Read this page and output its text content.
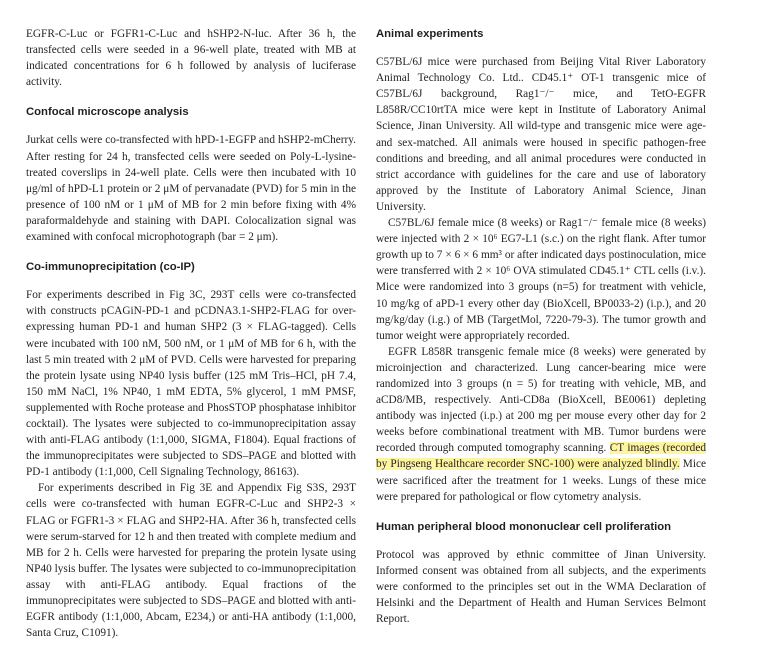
EGFR-C-Luc or FGFR1-C-Luc and hSHP2-N-luc. After 36 h, the transfected cells were seeded in a 96-well plate, treated with MB at indicated concentrations for 6 h followed by analysis of luciferase activity.

Confocal microscope analysis

Jurkat cells were co-transfected with hPD-1-EGFP and hSHP2-mCherry. After resting for 24 h, transfected cells were seeded on Poly-L-lysine-treated coverslips in 24-well plate. Cells were then incubated with 10 μg/ml of hPD-L1 protein or 2 μM of pervanadate (PVD) for 5 min in the presence of 100 nM or 1 μM of MB for 2 min before fixing with 4% paraformaldehyde and staining with DAPI. Colocalization signal was examined with confocal microphotograph (bar = 2 μm).

Co-immunoprecipitation (co-IP)

For experiments described in Fig 3C, 293T cells were co-transfected with constructs pCAGiN-PD-1 and pCDNA3.1-SHP2-FLAG for over-expressing human PD-1 and human SHP2 (3 × FLAG-tagged). Cells were incubated with 100 nM, 500 nM, or 1 μM of MB for 6 h, with the last 5 min treated with 2 μM of PVD. Cells were harvested for preparing the protein lysate using NP40 lysis buffer (125 mM Tris–HCl, pH 7.4, 150 mM NaCl, 1% NP40, 1 mM EDTA, 5% glycerol, 1 mM PMSF, supplemented with Roche protease and PhosSTOP phosphatase inhibitor cocktail). The lysates were subjected to co-immunoprecipitation assay with anti-FLAG antibody (1:1,000, SIGMA, F1804). Equal fractions of the immunoprecipitates were subjected to SDS–PAGE and blotted with PD-1 antibody (1:1,000, Cell Signaling Technology, 86163).

For experiments described in Fig 3E and Appendix Fig S3S, 293T cells were co-transfected with human EGFR-C-Luc and SHP2-3 × FLAG or FGFR1-3 × FLAG and SHP2-HA. After 36 h, transfected cells were serum-starved for 12 h and then treated with complete medium and MB for 2 h. Cells were harvested for preparing the protein lysate using NP40 lysis buffer. The lysates were subjected to co-immunoprecipitation assay with anti-FLAG antibody. Equal fractions of the immunoprecipitates were subjected to SDS–PAGE and blotted with anti-EGFR antibody (1:1,000, Abcam, E234,) or anti-HA antibody (1:1,000, Santa Cruz, C1091).

Animal experiments

C57BL/6J mice were purchased from Beijing Vital River Laboratory Animal Technology Co. Ltd.. CD45.1⁺ OT-1 transgenic mice of C57BL/6J background, Rag1⁻/⁻ mice, and TetO-EGFR L858R/CC10rtTA mice were kept in Institute of Laboratory Animal Science, Jinan University. All wild-type and transgenic mice were age- and sex-matched. All animals were housed in specific pathogen-free conditions and breeding, and all animal procedures were conducted in strict accordance with guidelines for the care and use of laboratory approved by the Institute of Laboratory Animal Science, Jinan University.

C57BL/6J female mice (8 weeks) or Rag1⁻/⁻ female mice (8 weeks) were injected with 2 × 10⁶ EG7-L1 (s.c.) on the right flank. After tumor growth up to 7 × 6 × 6 mm³ or after indicated days postinoculation, mice were transferred with 2 × 10⁶ OVA stimulated CD45.1⁺ CTL cells (i.v.). Mice were randomized into 3 groups (n=5) for treatment with vehicle, 10 mg/kg of aPD-1 every other day (BioXcell, BP0033-2) (i.p.), and 20 mg/kg/day (i.g.) of MB (TargetMol, 7220-79-3). The tumor growth and tumor weight were appropriately recorded.

EGFR L858R transgenic female mice (8 weeks) were generated by microinjection and characterized. Lung cancer-bearing mice were randomized into 3 groups (n = 5) for treating with vehicle, MB, and aCD8/MB, respectively. Anti-CD8a (BioXcell, BE0061) depleting antibody was injected (i.p.) at 200 mg per mouse every other day for 2 weeks before combinational treatment with MB. Tumor burdens were recorded through computed tomography scanning. CT images (recorded by Pingseng Healthcare recorder SNC-100) were analyzed blindly. Mice were sacrificed after the treatment for 1 weeks. Lungs of these mice were prepared for pathological or flow cytometry analysis.

Human peripheral blood mononuclear cell proliferation

Protocol was approved by ethnic committee of Jinan University. Informed consent was obtained from all subjects, and the experiments were conformed to the principles set out in the WMA Declaration of Helsinki and the Department of Health and Human Services Belmont Report.
